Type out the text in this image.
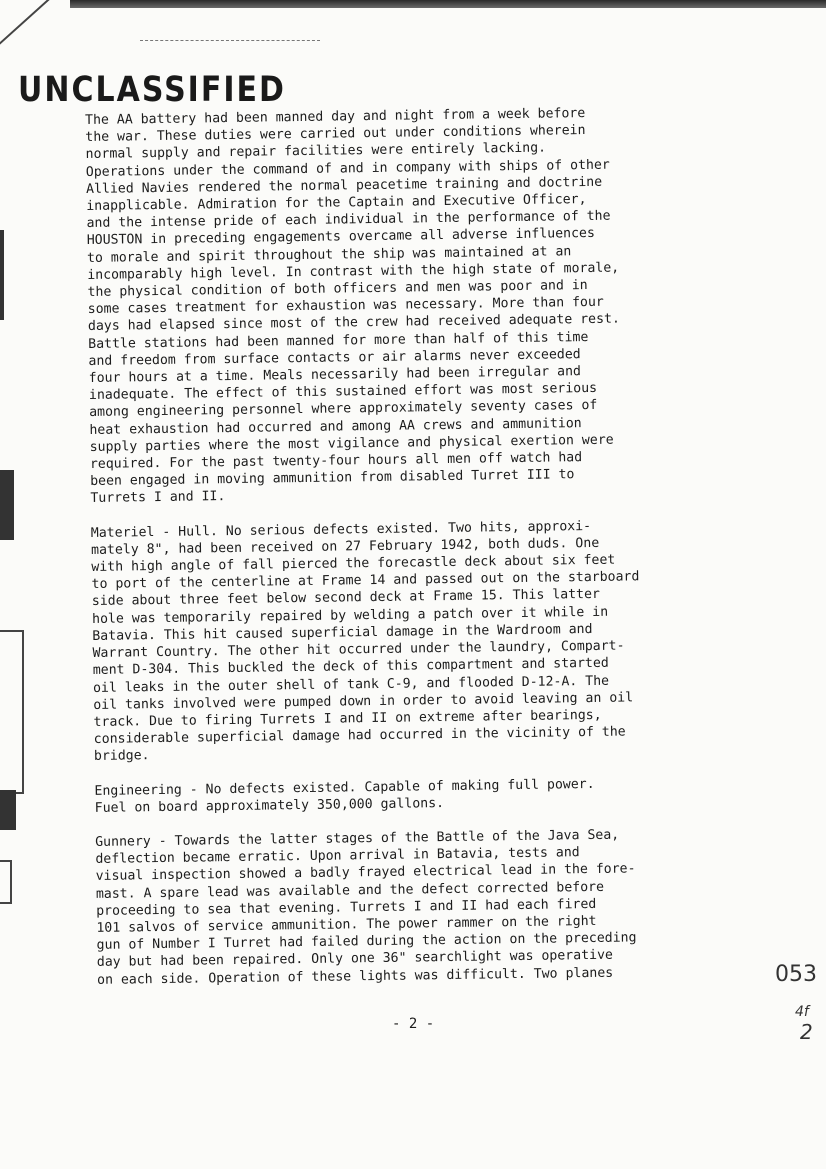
UNCLASSIFIED

The AA battery had been manned day and night from a week before
the war. These duties were carried out under conditions wherein
normal supply and repair facilities were entirely lacking.
Operations under the command of and in company with ships of other
Allied Navies rendered the normal peacetime training and doctrine
inapplicable. Admiration for the Captain and Executive Officer,
and the intense pride of each individual in the performance of the
HOUSTON in preceding engagements overcame all adverse influences
to morale and spirit throughout the ship was maintained at an
incomparably high level. In contrast with the high state of morale,
the physical condition of both officers and men was poor and in
some cases treatment for exhaustion was necessary. More than four
days had elapsed since most of the crew had received adequate rest.
Battle stations had been manned for more than half of this time
and freedom from surface contacts or air alarms never exceeded
four hours at a time. Meals necessarily had been irregular and
inadequate. The effect of this sustained effort was most serious
among engineering personnel where approximately seventy cases of
heat exhaustion had occurred and among AA crews and ammunition
supply parties where the most vigilance and physical exertion were
required. For the past twenty-four hours all men off watch had
been engaged in moving ammunition from disabled Turret III to
Turrets I and II.

Materiel - Hull. No serious defects existed. Two hits, approxi-
mately 8", had been received on 27 February 1942, both duds. One
with high angle of fall pierced the forecastle deck about six feet
to port of the centerline at Frame 14 and passed out on the starboard
side about three feet below second deck at Frame 15. This latter
hole was temporarily repaired by welding a patch over it while in
Batavia. This hit caused superficial damage in the Wardroom and
Warrant Country. The other hit occurred under the laundry, Compart-
ment D-304. This buckled the deck of this compartment and started
oil leaks in the outer shell of tank C-9, and flooded D-12-A. The
oil tanks involved were pumped down in order to avoid leaving an oil
track. Due to firing Turrets I and II on extreme after bearings,
considerable superficial damage had occurred in the vicinity of the
bridge.

Engineering - No defects existed. Capable of making full power.
Fuel on board approximately 350,000 gallons.

Gunnery - Towards the latter stages of the Battle of the Java Sea,
deflection became erratic. Upon arrival in Batavia, tests and
visual inspection showed a badly frayed electrical lead in the fore-
mast. A spare lead was available and the defect corrected before
proceeding to sea that evening. Turrets I and II had each fired
101 salvos of service ammunition. The power rammer on the right
gun of Number I Turret had failed during the action on the preceding
day but had been repaired. Only one 36" searchlight was operative
on each side. Operation of these lights was difficult. Two planes

- 2 -
053
4f
2
